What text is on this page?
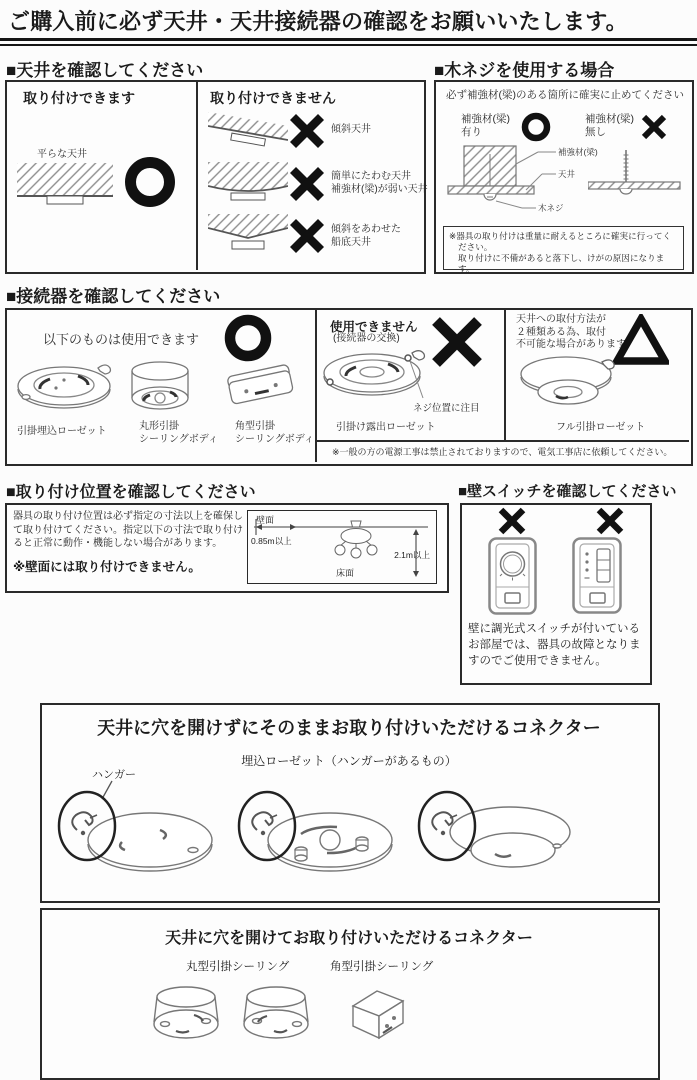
ご購入前に必ず天井・天井接続器の確認をお願いいたします。
■天井を確認してください
取り付けできます
平らな天井
取り付けできません
傾斜天井
簡単にたわむ天井
補強材(梁)が弱い天井
傾斜をあわせた
船底天井
■木ネジを使用する場合
必ず補強材(梁)のある箇所に確実に止めてください
補強材(梁)
有り
補強材(梁)
無し
補強材(梁)
天井
木ネジ
※器具の取り付けは重量に耐えるところに確実に行ってく
ださい。
取り付けに不備があると落下し、けがの原因になります。
■接続器を確認してください
以下のものは使用できます
引掛埋込ローゼット	丸形引掛
シーリングボディ
角型引掛
シーリングボディ
使用できません
(接続器の交換)
ネジ位置に注目
引掛け露出ローゼット
天井への取付方法が
２種類ある為、取付
不可能な場合があります
フル引掛ローゼット
※一般の方の電源工事は禁止されておりますので、電気工事店に依頼してください。
■取り付け位置を確認してください
器具の取り付け位置は必ず指定の寸法以上を確保し
て取り付けてください。指定以下の寸法で取り付け
ると正常に動作・機能しない場合があります。
※壁面には取り付けできません。
壁面
0.85m以上
2.1m以上
床面
■壁スイッチを確認してください
壁に調光式スイッチが付いている
お部屋では、器具の故障となりま
すのでご使用できません。
天井に穴を開けずにそのままお取り付けいただけるコネクター
埋込ローゼット（ハンガーがあるもの）
ハンガー
天井に穴を開けてお取り付けいただけるコネクター
丸型引掛シーリング	角型引掛シーリング
